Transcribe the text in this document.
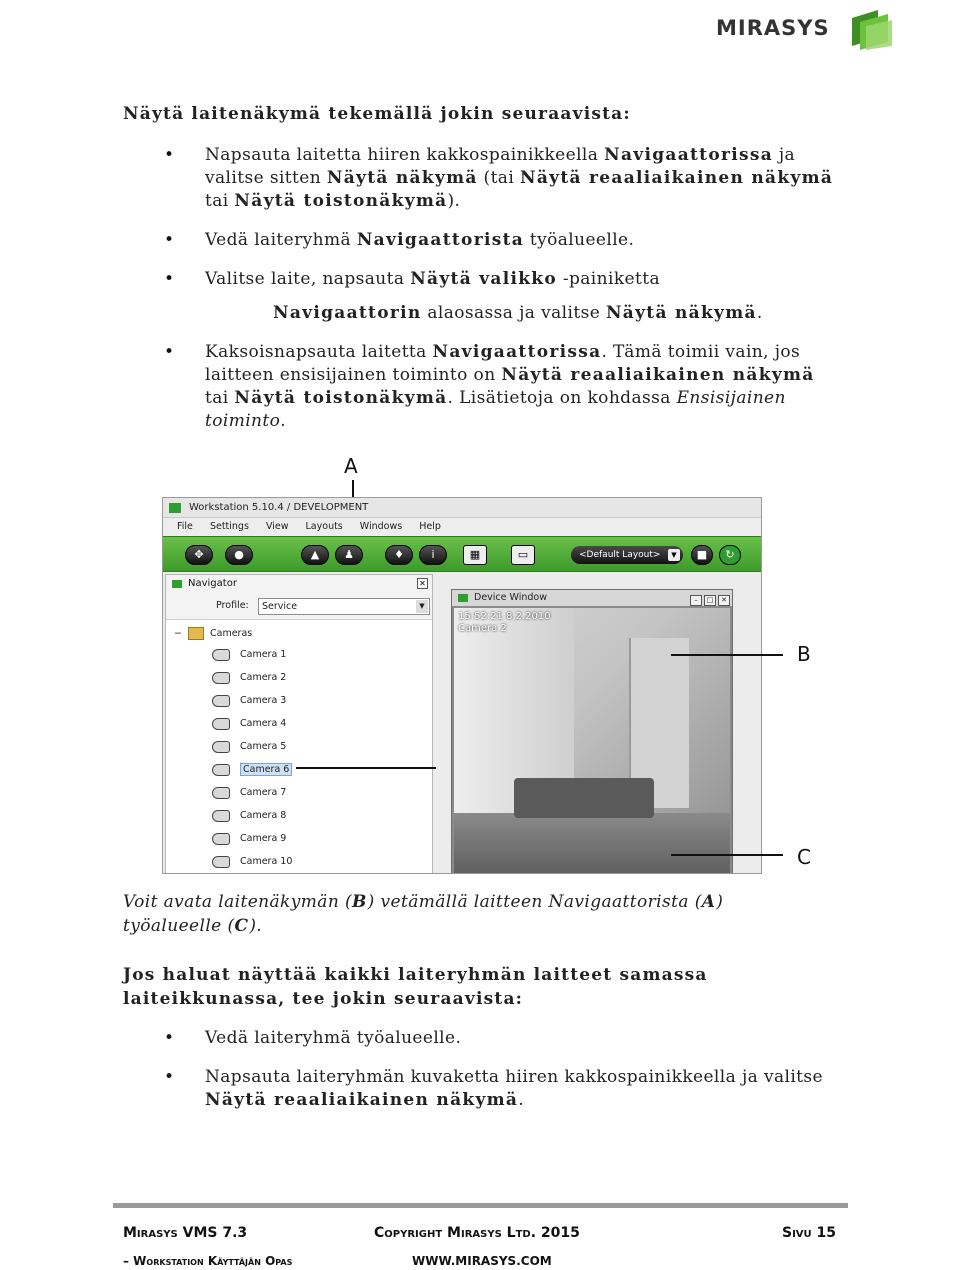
MIRASYS
Näytä laitenäkymä tekemällä jokin seuraavista:
• Napsauta laitetta hiiren kakkospainikkeella Navigaattorissa ja valitse sitten Näytä näkymä (tai Näytä reaaliaikainen näkymä tai Näytä toistonäkymä).
• Vedä laiteryhmä Navigaattorista työalueelle.
• Valitse laite, napsauta Näytä valikko -painiketta
Navigaattorin alaosassa ja valitse Näytä näkymä.
• Kaksoisnapsauta laitetta Navigaattorissa. Tämä toimii vain, jos laitteen ensisijainen toiminto on Näytä reaaliaikainen näkymä tai Näytä toistonäkymä. Lisätietoja on kohdassa Ensisijainen toiminto.
A
Workstation 5.10.4 / DEVELOPMENT
File Settings View Layouts Windows Help
✥	●	▲	♟	♦	i	▦	▭	<Default Layout>	▼	■	↻
Navigator	✕
Profile:	Service	▼
−	Cameras
Camera 1
Camera 2
Camera 3
Camera 4
Camera 5
Camera 6
Camera 7
Camera 8
Camera 9
Camera 10
Device Window	– □ ✕
15:52:21 8.2.2010
Camera 2
B
C
Voit avata laitenäkymän (B) vetämällä laitteen Navigaattorista (A) työalueelle (C).
Jos haluat näyttää kaikki laiteryhmän laitteet samassa laiteikkunassa, tee jokin seuraavista:
• Vedä laiteryhmä työalueelle.
• Napsauta laiteryhmän kuvaketta hiiren kakkospainikkeella ja valitse Näytä reaaliaikainen näkymä.
Mirasys VMS 7.3	Copyright Mirasys Ltd. 2015	Sivu 15
– Workstation Käyttäjän Opas	WWW.MIRASYS.COM
